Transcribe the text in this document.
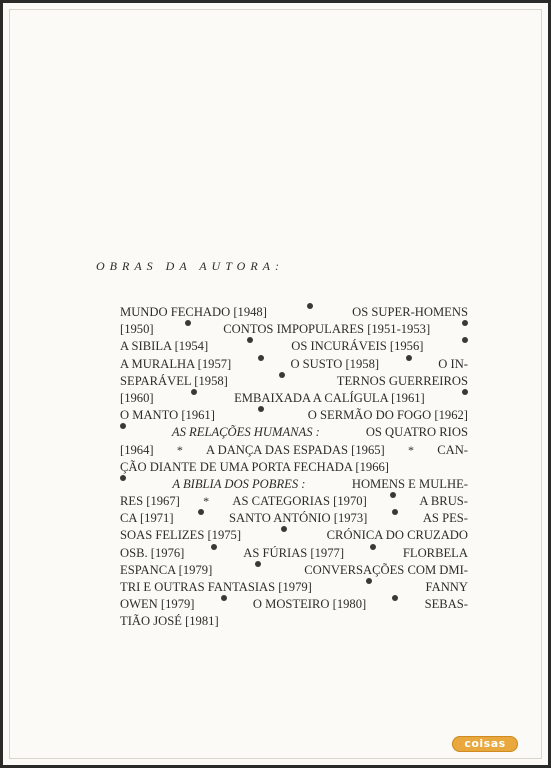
OBRAS DA AUTORA:
MUNDO FECHADO [1948]	OS SUPER-HOMENS
[1950]	CONTOS IMPOPULARES [1951-1953]
A SIBILA [1954]	OS INCURÁVEIS [1956]
A MURALHA [1957]	O SUSTO [1958]	O IN-
SEPARÁVEL [1958]	TERNOS GUERREIROS
[1960]	EMBAIXADA A CALÍGULA [1961]
O MANTO [1961]	O SERMÃO DO FOGO [1962]
AS RELAÇÕES HUMANAS :	OS QUATRO RIOS
[1964] * A DANÇA DAS ESPADAS [1965] * CAN-
ÇÃO DIANTE DE UMA PORTA FECHADA [1966]
A BIBLIA DOS POBRES :	HOMENS E MULHE-
RES [1967] * AS CATEGORIAS [1970]	A BRUS-
CA [1971]	SANTO ANTÓNIO [1973]	AS PES-
SOAS FELIZES [1975]	CRÓNICA DO CRUZADO
OSB. [1976]	AS FÚRIAS [1977]	FLORBELA
ESPANCA [1979]	CONVERSAÇÕES COM DMI-
TRI E OUTRAS FANTASIAS [1979]	FANNY
OWEN [1979]	O MOSTEIRO [1980]	SEBAS-
TIÃO JOSÉ [1981]
coisas
